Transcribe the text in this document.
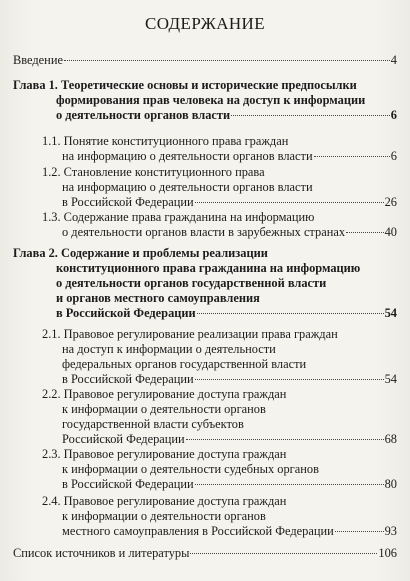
СОДЕРЖАНИЕ
Введение	4
Глава 1. Теоретические основы и исторические предпосылки
формирования прав человека на доступ к информации
о деятельности органов власти	6
1.1. Понятие конституционного права граждан
на информацию о деятельности органов власти	6
1.2. Становление конституционного права
на информацию о деятельности органов власти
в Российской Федерации	26
1.3. Содержание права гражданина на информацию
о деятельности органов власти в зарубежных странах	40
Глава 2. Содержание и проблемы реализации
конституционного права гражданина на информацию
о деятельности органов государственной власти
и органов местного самоуправления
в Российской Федерации	54
2.1. Правовое регулирование реализации права граждан
на доступ к информации о деятельности
федеральных органов государственной власти
в Российской Федерации	54
2.2. Правовое регулирование доступа граждан
к информации о деятельности органов
государственной власти субъектов
Российской Федерации	68
2.3. Правовое регулирование доступа граждан
к информации о деятельности судебных органов
в Российской Федерации	80
2.4. Правовое регулирование доступа граждан
к информации о деятельности органов
местного самоуправления в Российской Федерации	93
Список источников и литературы	106
